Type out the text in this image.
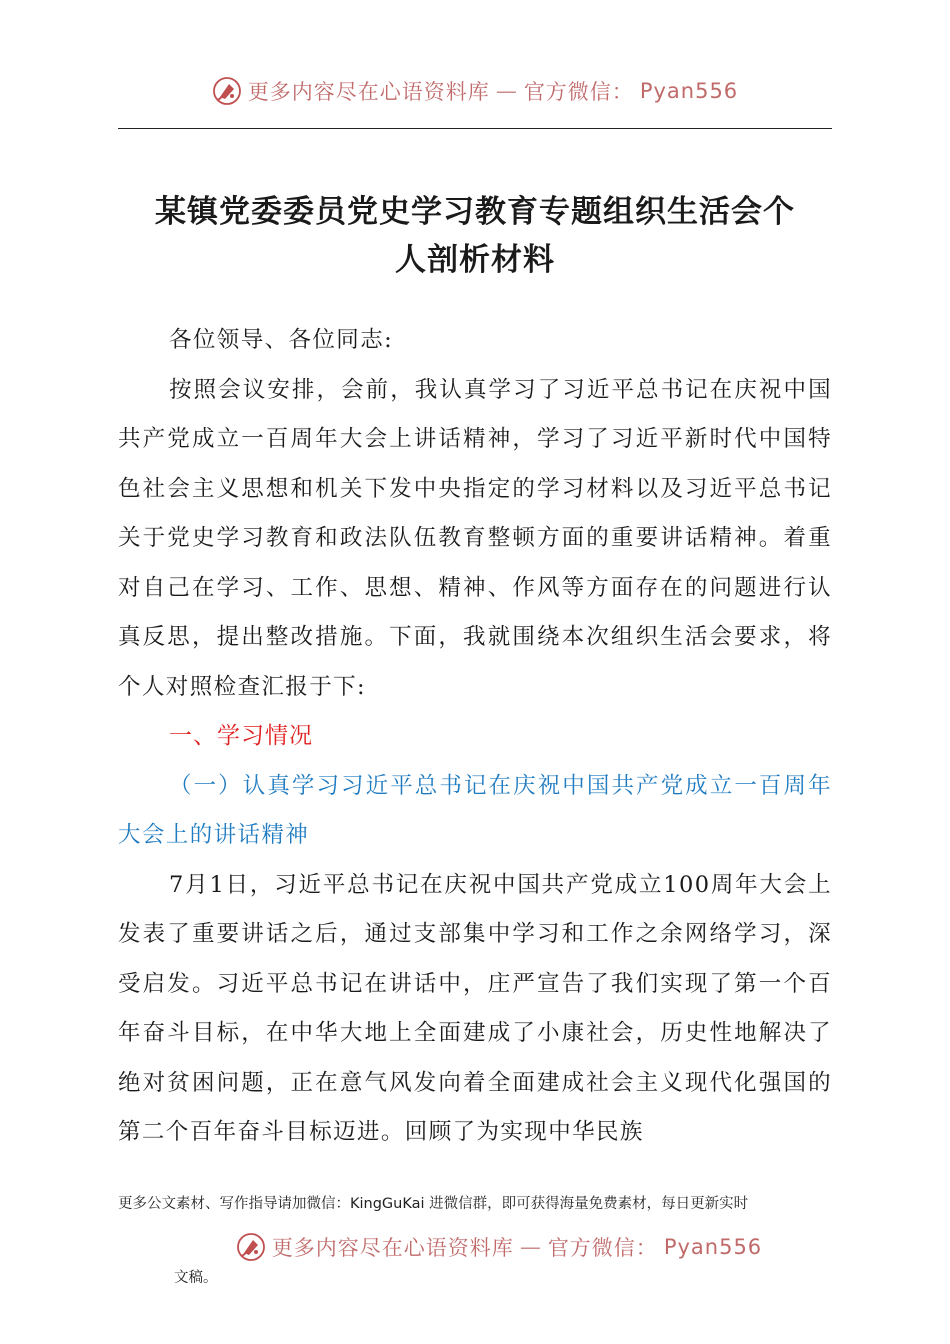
更多内容尽在心语资料库 — 官方微信： Pyan556
某镇党委委员党史学习教育专题组织生活会个
人剖析材料

各位领导、各位同志:

按照会议安排，会前，我认真学习了习近平总书记在庆祝中国共产党成立一百周年大会上讲话精神，学习了习近平新时代中国特色社会主义思想和机关下发中央指定的学习材料以及习近平总书记关于党史学习教育和政法队伍教育整顿方面的重要讲话精神。着重对自己在学习、工作、思想、精神、作风等方面存在的问题进行认真反思，提出整改措施。下面，我就围绕本次组织生活会要求，将个人对照检查汇报于下:

一、学习情况

（一）认真学习习近平总书记在庆祝中国共产党成立一百周年大会上的讲话精神

7月1日，习近平总书记在庆祝中国共产党成立100周年大会上发表了重要讲话之后，通过支部集中学习和工作之余网络学习，深受启发。习近平总书记在讲话中，庄严宣告了我们实现了第一个百年奋斗目标，在中华大地上全面建成了小康社会，历史性地解决了绝对贫困问题，正在意气风发向着全面建成社会主义现代化强国的第二个百年奋斗目标迈进。回顾了为实现中华民族

更多公文素材、写作指导请加微信：KingGuKai 进微信群，即可获得海量免费素材，每日更新实时
更多内容尽在心语资料库 — 官方微信： Pyan556
文稿。
